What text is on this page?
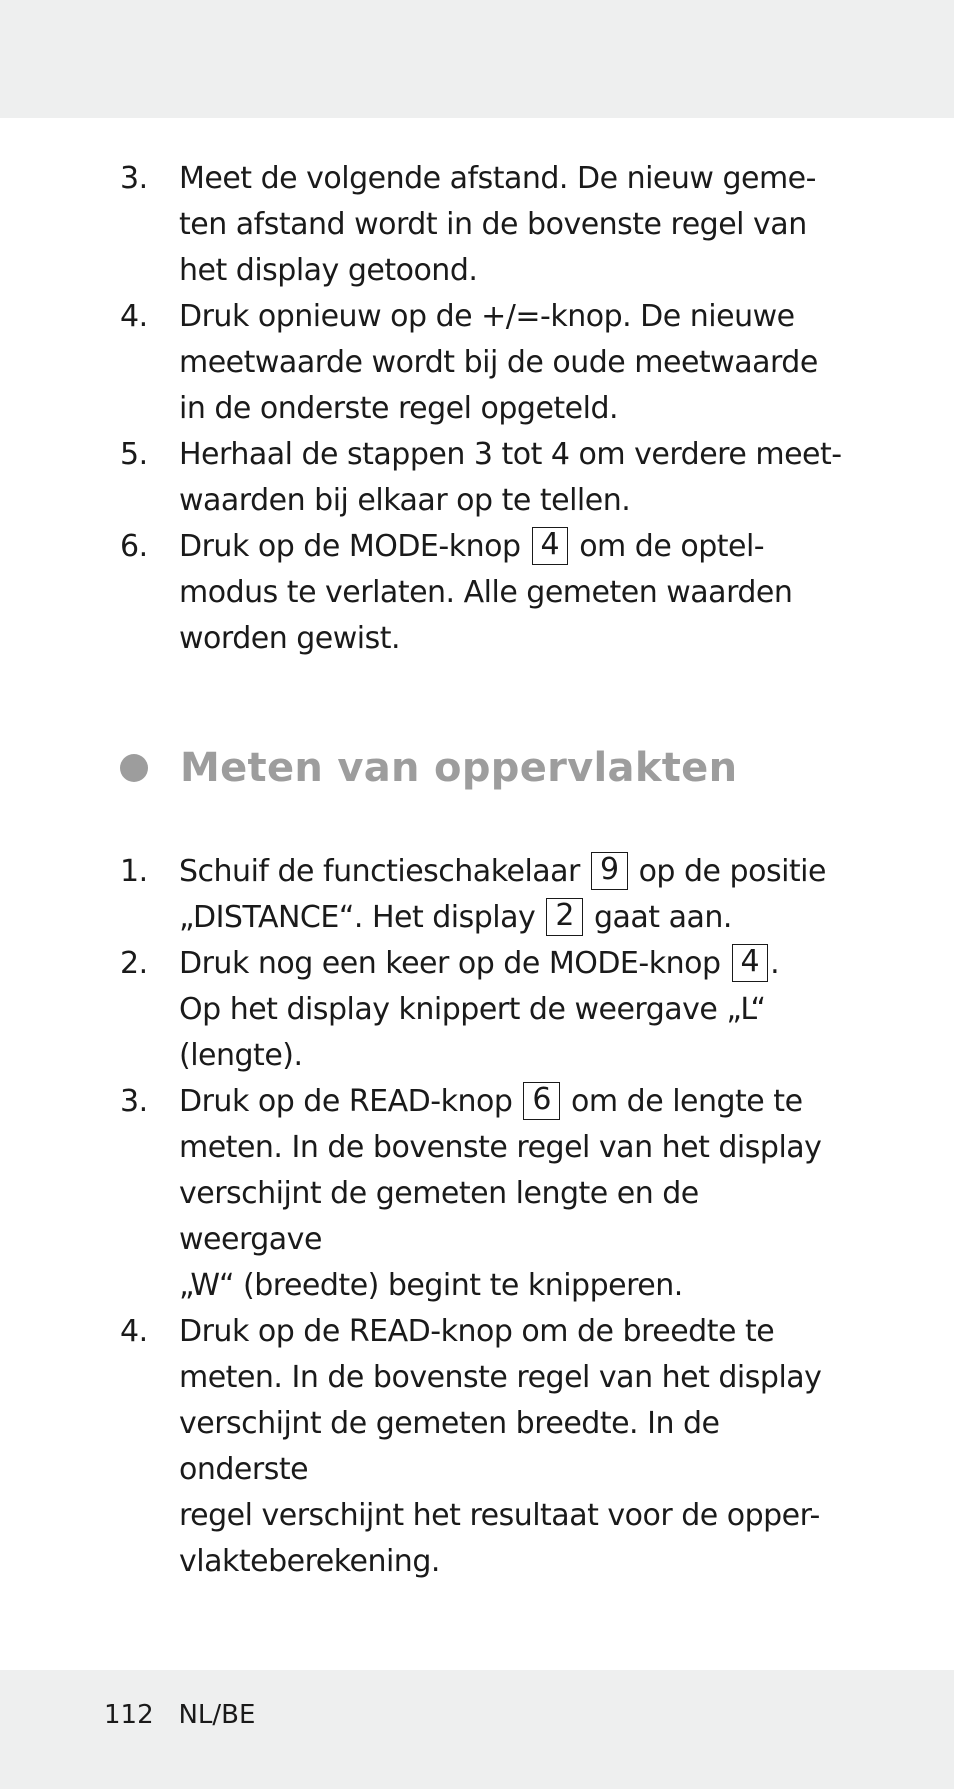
3. Meet de volgende afstand. De nieuw geme-
ten afstand wordt in de bovenste regel van
het display getoond.
4. Druk opnieuw op de +/=-knop. De nieuwe
meetwaarde wordt bij de oude meetwaarde
in de onderste regel opgeteld.
5. Herhaal de stappen 3 tot 4 om verdere meet-
waarden bij elkaar op te tellen.
6. Druk op de MODE-knop 4 om de optel-
modus te verlaten. Alle gemeten waarden
worden gewist.
Meten van oppervlakten
1. Schuif de functieschakelaar 9 op de positie
„DISTANCE“. Het display 2 gaat aan.
2. Druk nog een keer op de MODE-knop 4 .
Op het display knippert de weergave „L“
(lengte).
3. Druk op de READ-knop 6 om de lengte te
meten. In de bovenste regel van het display
verschijnt de gemeten lengte en de weergave
„W“ (breedte) begint te knipperen.
4. Druk op de READ-knop om de breedte te
meten. In de bovenste regel van het display
verschijnt de gemeten breedte. In de onderste
regel verschijnt het resultaat voor de opper-
vlakteberekening.
112 NL/BE
